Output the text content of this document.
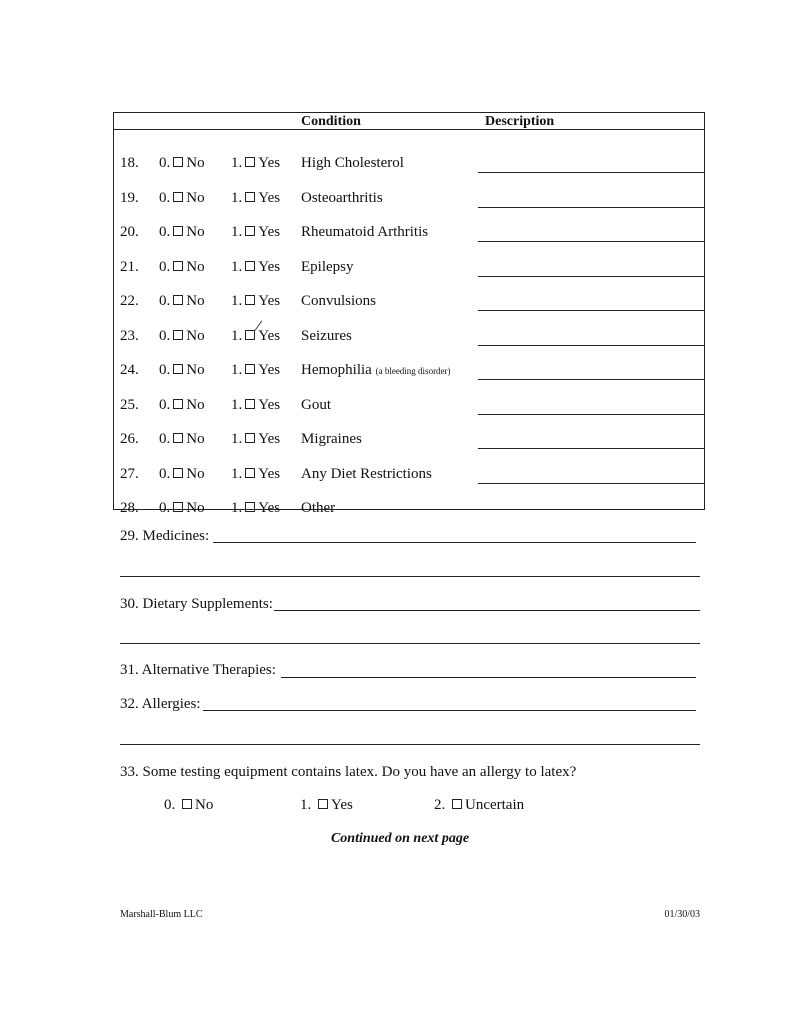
Condition	Description
18. 0. No 1. Yes High Cholesterol
19. 0. No 1. Yes Osteoarthritis
20. 0. No 1. Yes Rheumatoid Arthritis
21. 0. No 1. Yes Epilepsy
22. 0. No 1. Yes Convulsions
23. 0. No 1. Yes Seizures
24. 0. No 1. Yes Hemophilia (a bleeding disorder)
25. 0. No 1. Yes Gout
26. 0. No 1. Yes Migraines
27. 0. No 1. Yes Any Diet Restrictions
28. 0. No 1. Yes Other
29. Medicines:
30. Dietary Supplements:
31. Alternative Therapies:
32. Allergies:
33. Some testing equipment contains latex. Do you have an allergy to latex?
0. No	1. Yes	2. Uncertain
Continued on next page
Marshall-Blum LLC	01/30/03
